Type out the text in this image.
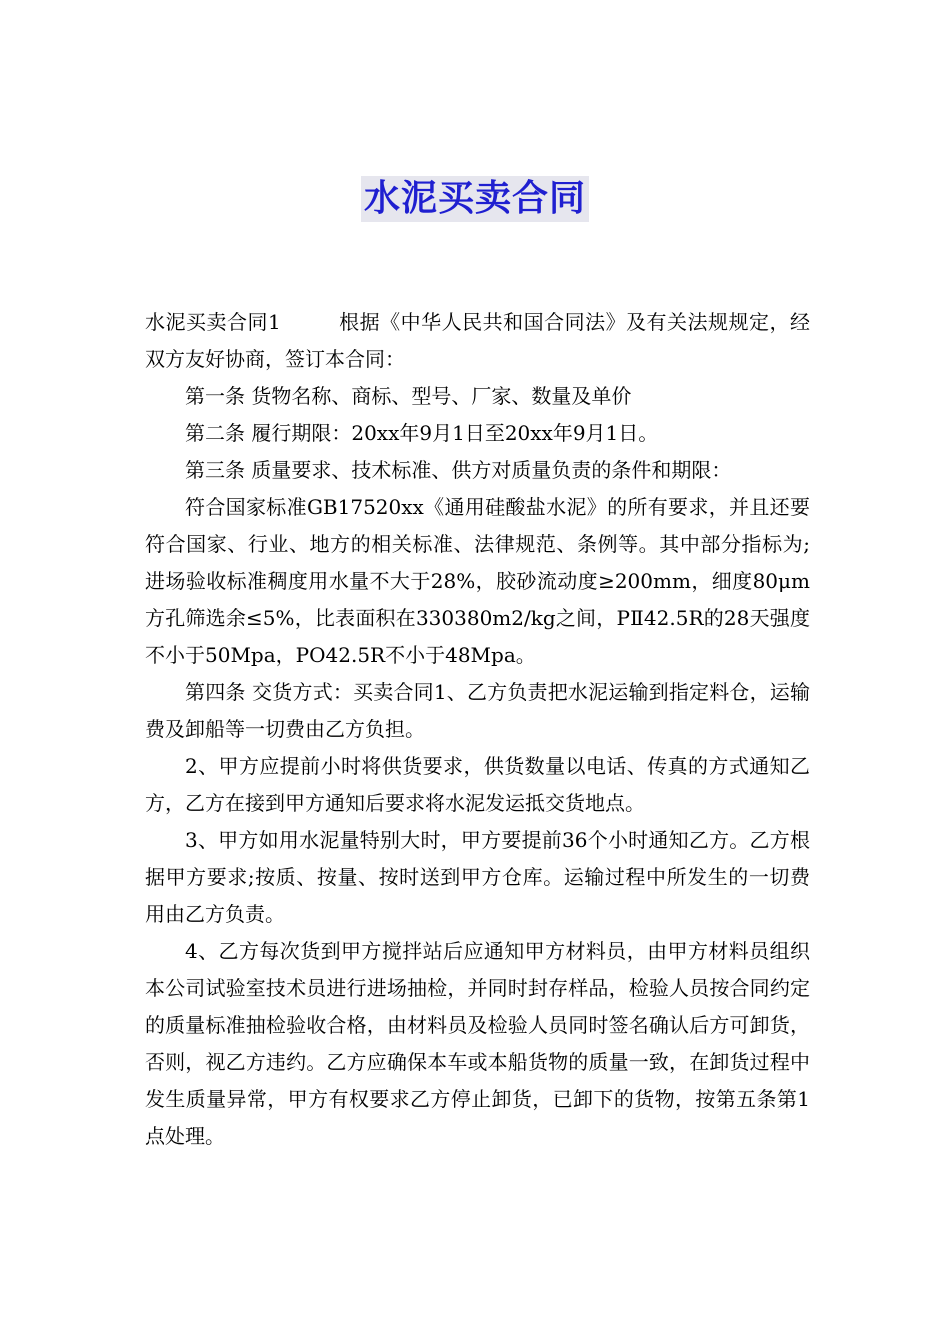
水泥买卖合同

水泥买卖合同1	根据《中华人民共和国合同法》及有关法规规定，经双方友好协商，签订本合同：

第一条 货物名称、商标、型号、厂家、数量及单价

第二条 履行期限：20xx年9月1日至20xx年9月1日。

第三条 质量要求、技术标准、供方对质量负责的条件和期限：

符合国家标准GB17520xx《通用硅酸盐水泥》的所有要求，并且还要符合国家、行业、地方的相关标准、法律规范、条例等。其中部分指标为;进场验收标准稠度用水量不大于28%，胶砂流动度≥200mm，细度80μm方孔筛选余≤5%，比表面积在330380m2/kg之间，PⅡ42.5R的28天强度不小于50Mpa，PO42.5R不小于48Mpa。

第四条 交货方式：买卖合同1、乙方负责把水泥运输到指定料仓，运输费及卸船等一切费由乙方负担。

2、甲方应提前小时将供货要求，供货数量以电话、传真的方式通知乙方，乙方在接到甲方通知后要求将水泥发运抵交货地点。

3、甲方如用水泥量特别大时，甲方要提前36个小时通知乙方。乙方根据甲方要求;按质、按量、按时送到甲方仓库。运输过程中所发生的一切费用由乙方负责。

4、乙方每次货到甲方搅拌站后应通知甲方材料员，由甲方材料员组织本公司试验室技术员进行进场抽检，并同时封存样品，检验人员按合同约定的质量标准抽检验收合格，由材料员及检验人员同时签名确认后方可卸货，否则，视乙方违约。乙方应确保本车或本船货物的质量一致，在卸货过程中发生质量异常，甲方有权要求乙方停止卸货，已卸下的货物，按第五条第1点处理。
